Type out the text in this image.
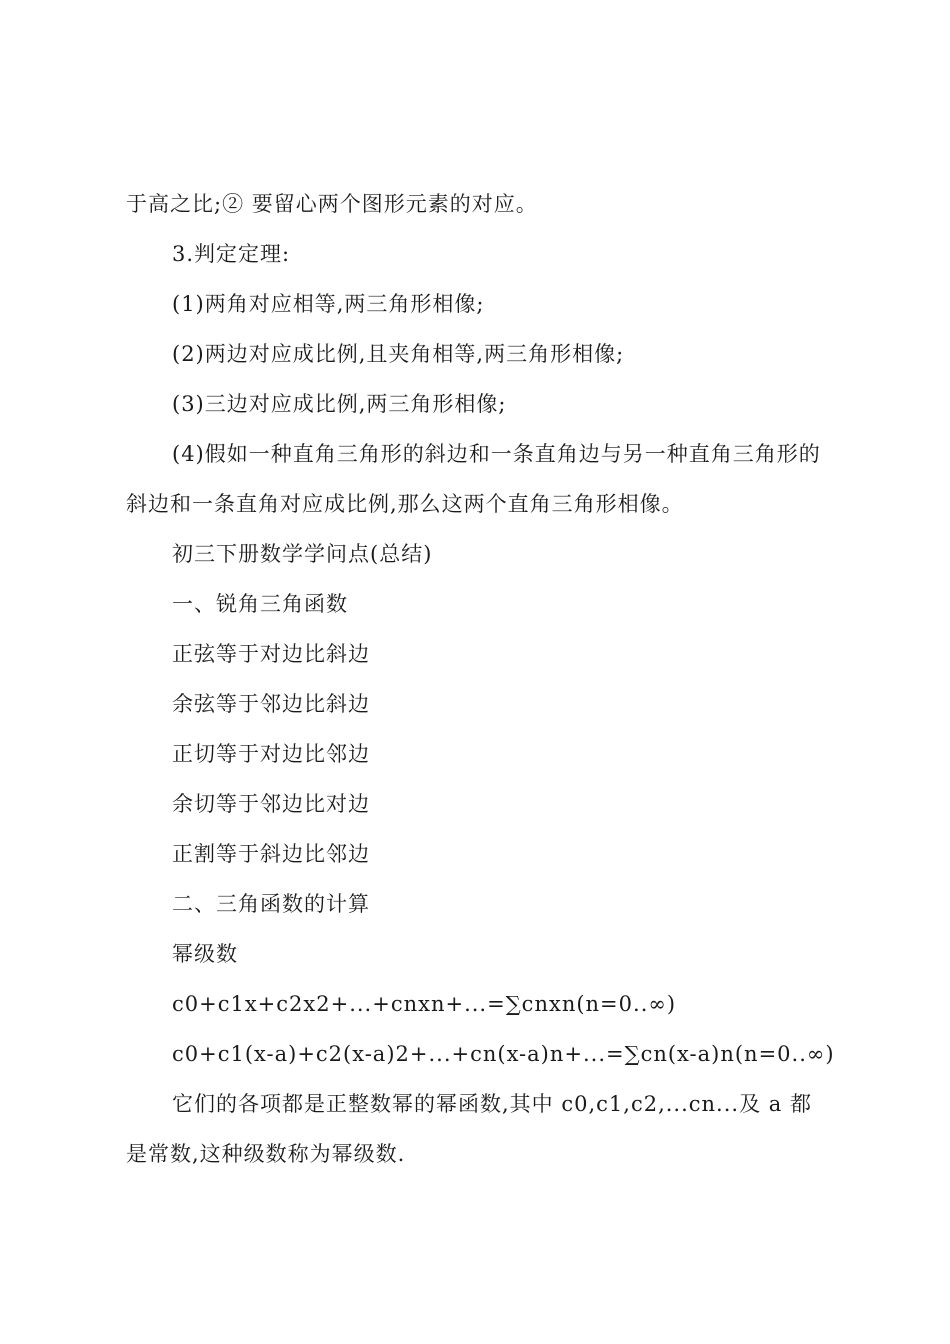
于高之比;② 要留心两个图形元素的对应。
3.判定定理:
(1)两角对应相等,两三角形相像;
(2)两边对应成比例,且夹角相等,两三角形相像;
(3)三边对应成比例,两三角形相像;
(4)假如一种直角三角形的斜边和一条直角边与另一种直角三角形的
斜边和一条直角对应成比例,那么这两个直角三角形相像。
初三下册数学学问点(总结)
一、锐角三角函数
正弦等于对边比斜边
余弦等于邻边比斜边
正切等于对边比邻边
余切等于邻边比对边
正割等于斜边比邻边
二、三角函数的计算
幂级数
c0+c1x+c2x2+...+cnxn+...=∑cnxn(n=0..∞)
c0+c1(x-a)+c2(x-a)2+...+cn(x-a)n+...=∑cn(x-a)n(n=0..∞)
它们的各项都是正整数幂的幂函数,其中 c0,c1,c2,...cn...及 a 都
是常数,这种级数称为幂级数.
